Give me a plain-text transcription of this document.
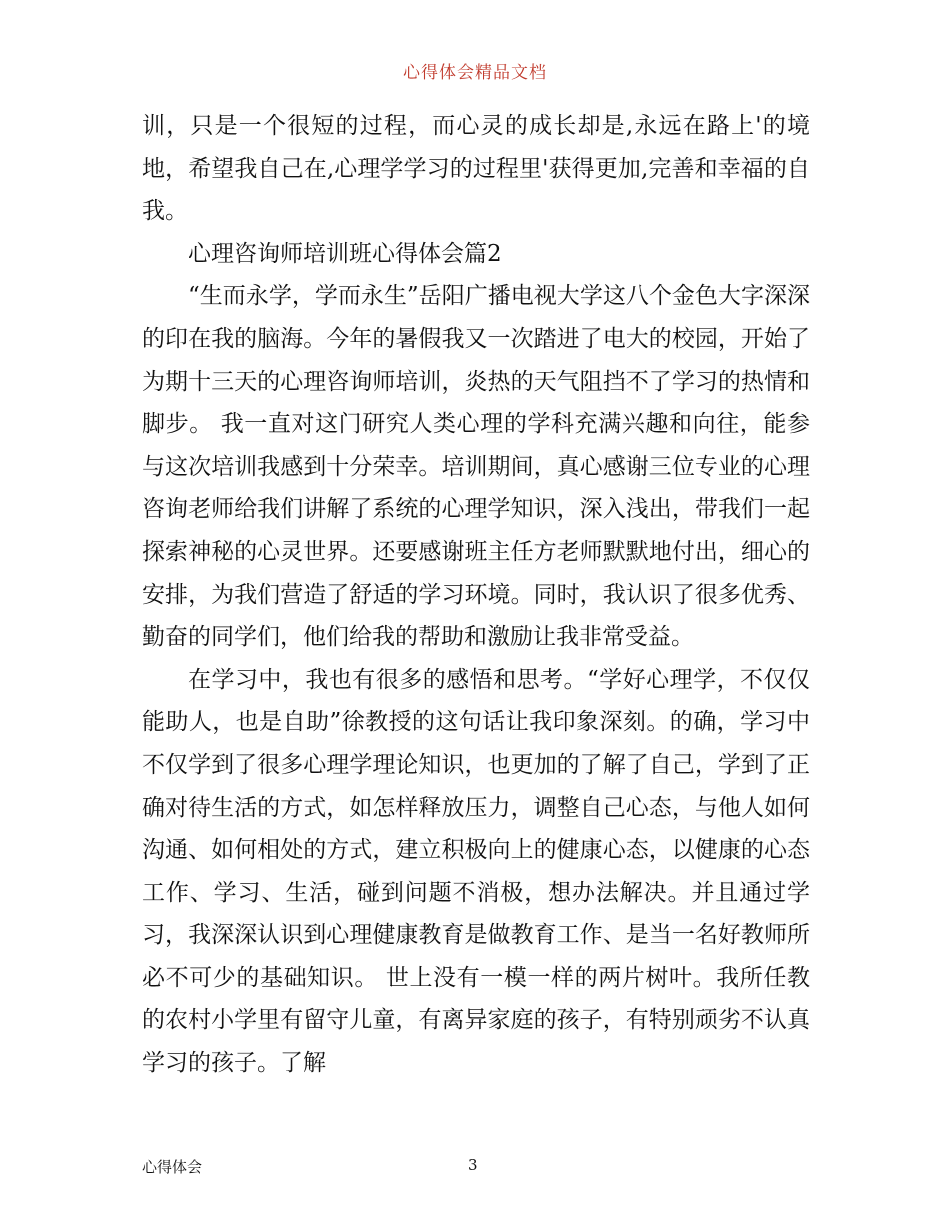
心得体会精品文档

训，只是一个很短的过程，而心灵的成长却是,永远在路上'的境地，希望我自己在,心理学学习的过程里'获得更加,完善和幸福的自我。

心理咨询师培训班心得体会篇2

“生而永学，学而永生”岳阳广播电视大学这八个金色大字深深的印在我的脑海。今年的暑假我又一次踏进了电大的校园，开始了为期十三天的心理咨询师培训，炎热的天气阻挡不了学习的热情和脚步。 我一直对这门研究人类心理的学科充满兴趣和向往，能参与这次培训我感到十分荣幸。培训期间，真心感谢三位专业的心理咨询老师给我们讲解了系统的心理学知识，深入浅出，带我们一起探索神秘的心灵世界。还要感谢班主任方老师默默地付出，细心的安排，为我们营造了舒适的学习环境。同时，我认识了很多优秀、勤奋的同学们，他们给我的帮助和激励让我非常受益。

在学习中，我也有很多的感悟和思考。“学好心理学，不仅仅能助人，也是自助”徐教授的这句话让我印象深刻。的确，学习中不仅学到了很多心理学理论知识，也更加的了解了自己，学到了正确对待生活的方式，如怎样释放压力，调整自己心态，与他人如何沟通、如何相处的方式，建立积极向上的健康心态，以健康的心态工作、学习、生活，碰到问题不消极，想办法解决。并且通过学习，我深深认识到心理健康教育是做教育工作、是当一名好教师所必不可少的基础知识。 世上没有一模一样的两片树叶。我所任教的农村小学里有留守儿童，有离异家庭的孩子，有特别顽劣不认真学习的孩子。了解

心得体会	3
